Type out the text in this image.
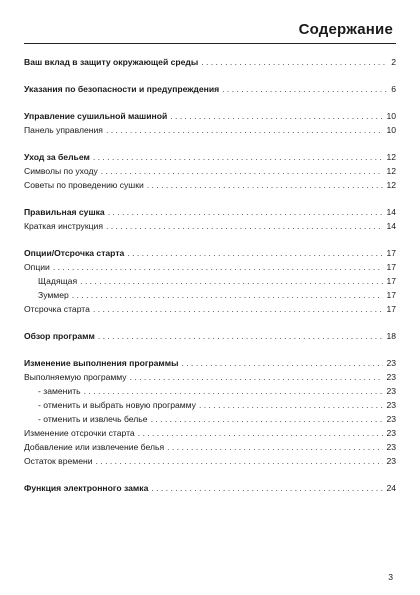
Содержание
Ваш вклад в защиту окружающей среды . . .	2
Указания по безопасности и предупреждения . . .	6
Управление сушильной машиной . . .	10
Панель управления . . .	10
Уход за бельем . . .	12
Символы по уходу . . .	12
Советы по проведению сушки . . .	12
Правильная сушка . . .	14
Краткая инструкция . . .	14
Опции/Отсрочка старта . . .	17
Опции . . .	17
Щадящая . . .	17
Зуммер . . .	17
Отсрочка старта . . .	17
Обзор программ . . .	18
Изменение выполнения программы . . .	23
Выполняемую программу . . .	23
- заменить . . .	23
- отменить и выбрать новую программу . . .	23
- отменить и извлечь белье . . .	23
Изменение отсрочки старта . . .	23
Добавление или извлечение белья . . .	23
Остаток времени . . .	23
Функция электронного замка . . .	24
3
